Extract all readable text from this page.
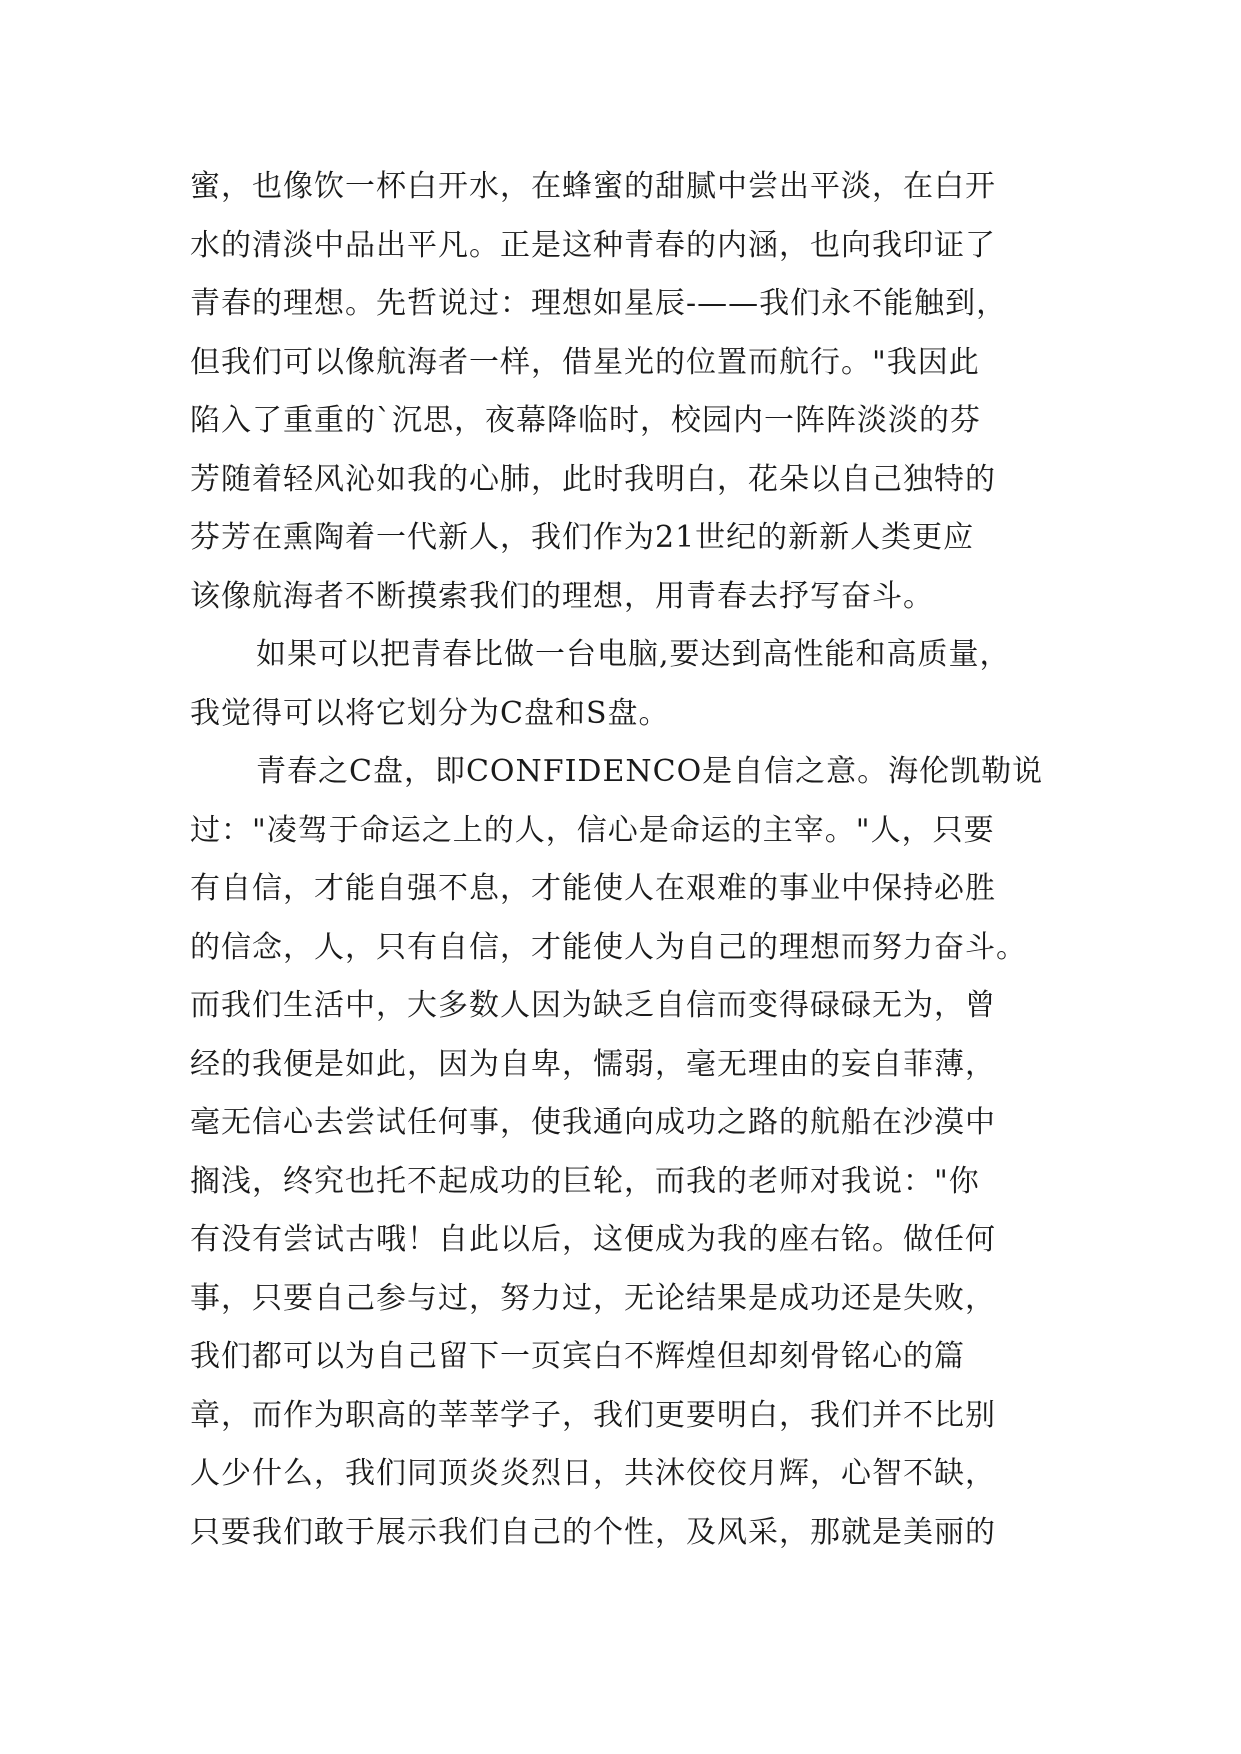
蜜，也像饮一杯白开水，在蜂蜜的甜腻中尝出平淡，在白开
水的清淡中品出平凡。正是这种青春的内涵，也向我印证了
青春的理想。先哲说过：理想如星辰-——我们永不能触到，
但我们可以像航海者一样，借星光的位置而航行。"我因此
陷入了重重的`沉思，夜幕降临时，校园内一阵阵淡淡的芬
芳随着轻风沁如我的心肺，此时我明白，花朵以自己独特的
芬芳在熏陶着一代新人，我们作为21世纪的新新人类更应
该像航海者不断摸索我们的理想，用青春去抒写奋斗。
如果可以把青春比做一台电脑,要达到高性能和高质量，
我觉得可以将它划分为C盘和S盘。
青春之C盘，即CONFIDENCO是自信之意。海伦凯勒说
过："凌驾于命运之上的人，信心是命运的主宰。"人，只要
有自信，才能自强不息，才能使人在艰难的事业中保持必胜
的信念，人，只有自信，才能使人为自己的理想而努力奋斗。
而我们生活中，大多数人因为缺乏自信而变得碌碌无为，曾
经的我便是如此，因为自卑，懦弱，毫无理由的妄自菲薄，
毫无信心去尝试任何事，使我通向成功之路的航船在沙漠中
搁浅，终究也托不起成功的巨轮，而我的老师对我说："你
有没有尝试古哦！自此以后，这便成为我的座右铭。做任何
事，只要自己参与过，努力过，无论结果是成功还是失败，
我们都可以为自己留下一页宾白不辉煌但却刻骨铭心的篇
章，而作为职高的莘莘学子，我们更要明白，我们并不比别
人少什么，我们同顶炎炎烈日，共沐佼佼月辉，心智不缺，
只要我们敢于展示我们自己的个性，及风采，那就是美丽的
